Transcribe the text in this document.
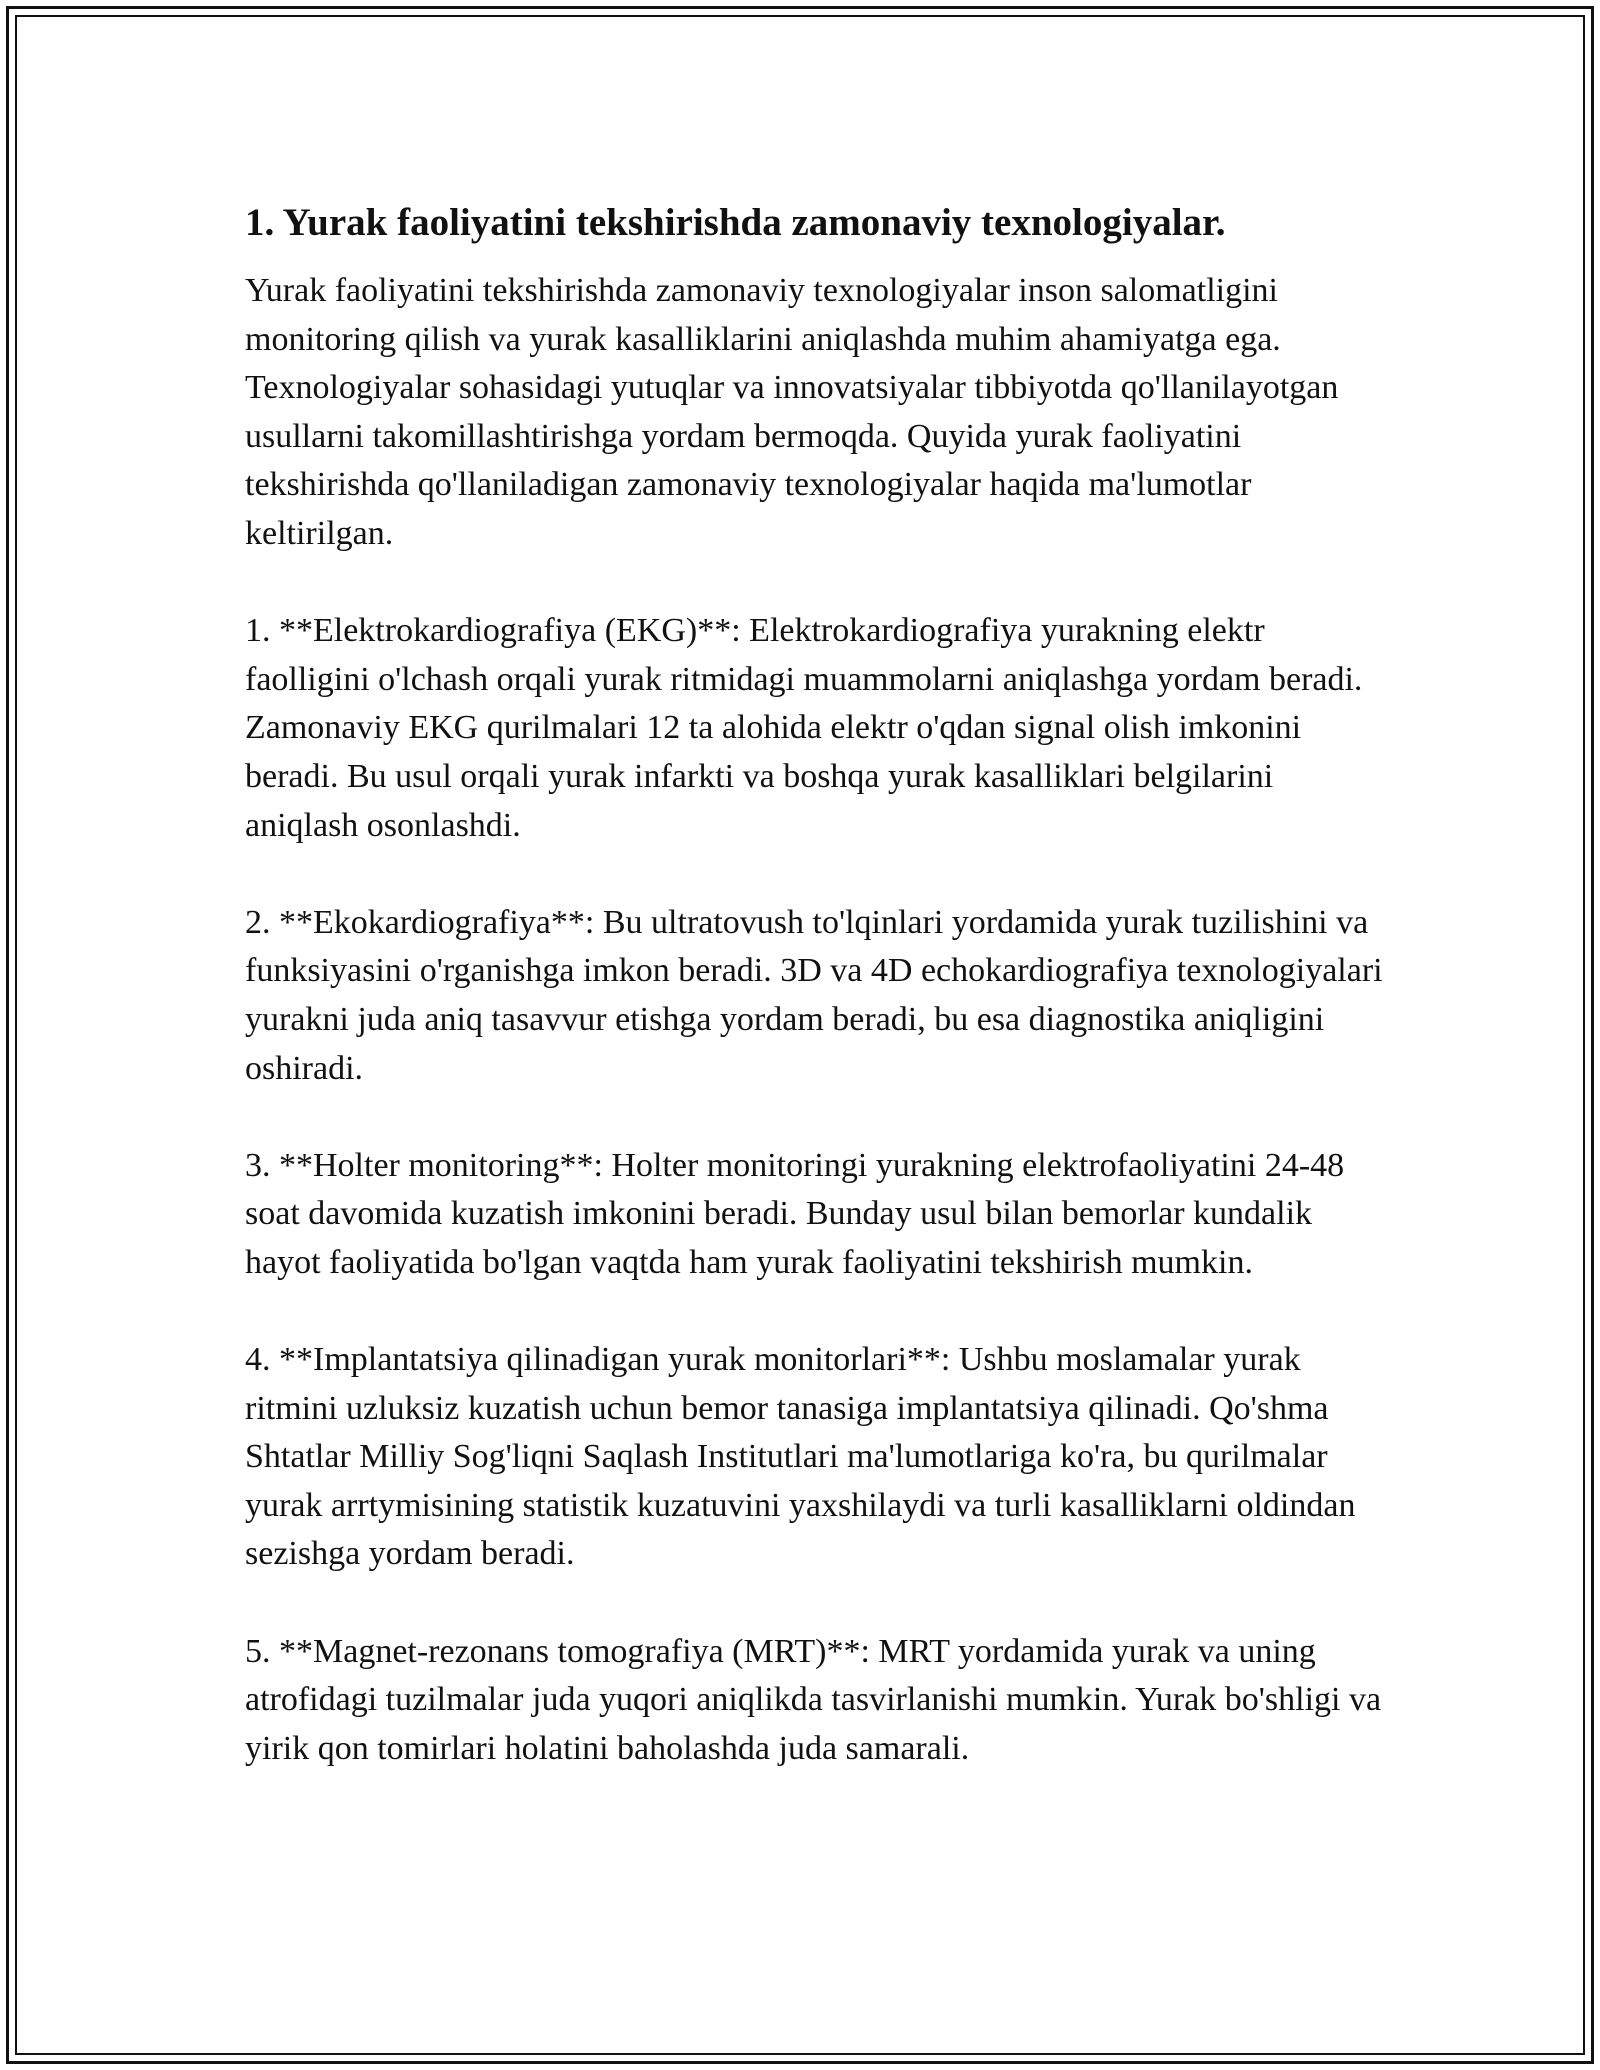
1. Yurak faoliyatini tekshirishda zamonaviy texnologiyalar.

Yurak faoliyatini tekshirishda zamonaviy texnologiyalar inson salomatligini monitoring qilish va yurak kasalliklarini aniqlashda muhim ahamiyatga ega. Texnologiyalar sohasidagi yutuqlar va innovatsiyalar tibbiyotda qo'llanilayotgan usullarni takomillashtirishga yordam bermoqda. Quyida yurak faoliyatini tekshirishda qo'llaniladigan zamonaviy texnologiyalar haqida ma'lumotlar keltirilgan.

1. **Elektrokardiografiya (EKG)**: Elektrokardiografiya yurakning elektr faolligini o'lchash orqali yurak ritmidagi muammolarni aniqlashga yordam beradi. Zamonaviy EKG qurilmalari 12 ta alohida elektr o'qdan signal olish imkonini beradi. Bu usul orqali yurak infarkti va boshqa yurak kasalliklari belgilarini aniqlash osonlashdi.

2. **Ekokardiografiya**: Bu ultratovush to'lqinlari yordamida yurak tuzilishini va funksiyasini o'rganishga imkon beradi. 3D va 4D echokardiografiya texnologiyalari yurakni juda aniq tasavvur etishga yordam beradi, bu esa diagnostika aniqligini oshiradi.

3. **Holter monitoring**: Holter monitoringi yurakning elektrofaoliyatini 24-48 soat davomida kuzatish imkonini beradi. Bunday usul bilan bemorlar kundalik hayot faoliyatida bo'lgan vaqtda ham yurak faoliyatini tekshirish mumkin.

4. **Implantatsiya qilinadigan yurak monitorlari**: Ushbu moslamalar yurak ritmini uzluksiz kuzatish uchun bemor tanasiga implantatsiya qilinadi. Qo'shma Shtatlar Milliy Sog'liqni Saqlash Institutlari ma'lumotlariga ko'ra, bu qurilmalar yurak arrtymisining statistik kuzatuvini yaxshilaydi va turli kasalliklarni oldindan sezishga yordam beradi.

5. **Magnet-rezonans tomografiya (MRT)**: MRT yordamida yurak va uning atrofidagi tuzilmalar juda yuqori aniqlikda tasvirlanishi mumkin. Yurak bo'shligi va yirik qon tomirlari holatini baholashda juda samarali.
